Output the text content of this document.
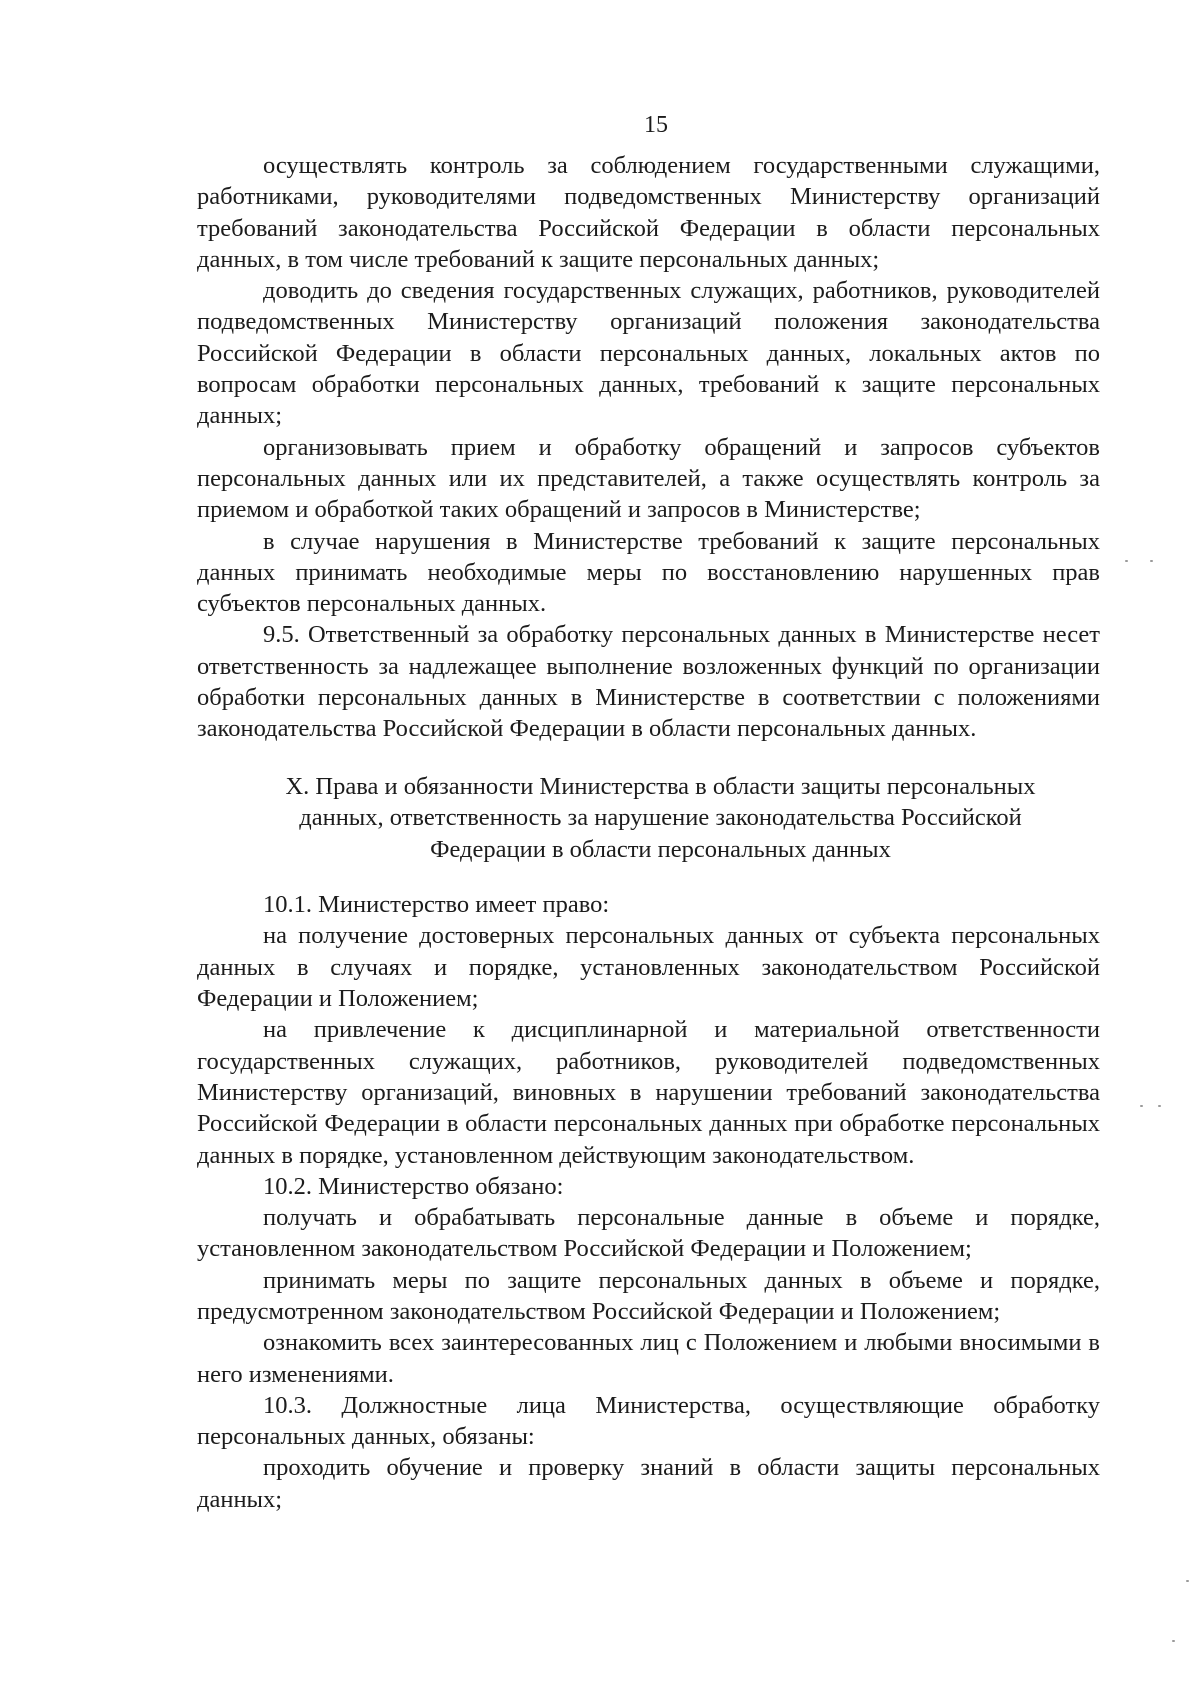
15

осуществлять контроль за соблюдением государственными служащими, работниками, руководителями подведомственных Министерству организаций требований законодательства Российской Федерации в области персональных данных, в том числе требований к защите персональных данных;

доводить до сведения государственных служащих, работников, руководителей подведомственных Министерству организаций положения законодательства Российской Федерации в области персональных данных, локальных актов по вопросам обработки персональных данных, требований к защите персональных данных;

организовывать прием и обработку обращений и запросов субъектов персональных данных или их представителей, а также осуществлять контроль за приемом и обработкой таких обращений и запросов в Министерстве;

в случае нарушения в Министерстве требований к защите персональных данных принимать необходимые меры по восстановлению нарушенных прав субъектов персональных данных.

9.5. Ответственный за обработку персональных данных в Министерстве несет ответственность за надлежащее выполнение возложенных функций по организации обработки персональных данных в Министерстве в соответствии с положениями законодательства Российской Федерации в области персональных данных.

X. Права и обязанности Министерства в области защиты персональных
данных, ответственность за нарушение законодательства Российской
Федерации в области персональных данных

10.1. Министерство имеет право:

на получение достоверных персональных данных от субъекта персональных данных в случаях и порядке, установленных законодательством Российской Федерации и Положением;

на привлечение к дисциплинарной и материальной ответственности государственных служащих, работников, руководителей подведомственных Министерству организаций, виновных в нарушении требований законодательства Российской Федерации в области персональных данных при обработке персональных данных в порядке, установленном действующим законодательством.

10.2. Министерство обязано:

получать и обрабатывать персональные данные в объеме и порядке, установленном законодательством Российской Федерации и Положением;

принимать меры по защите персональных данных в объеме и порядке, предусмотренном законодательством Российской Федерации и Положением;

ознакомить всех заинтересованных лиц с Положением и любыми вносимыми в него изменениями.

10.3. Должностные лица Министерства, осуществляющие обработку персональных данных, обязаны:

проходить обучение и проверку знаний в области защиты персональных данных;
